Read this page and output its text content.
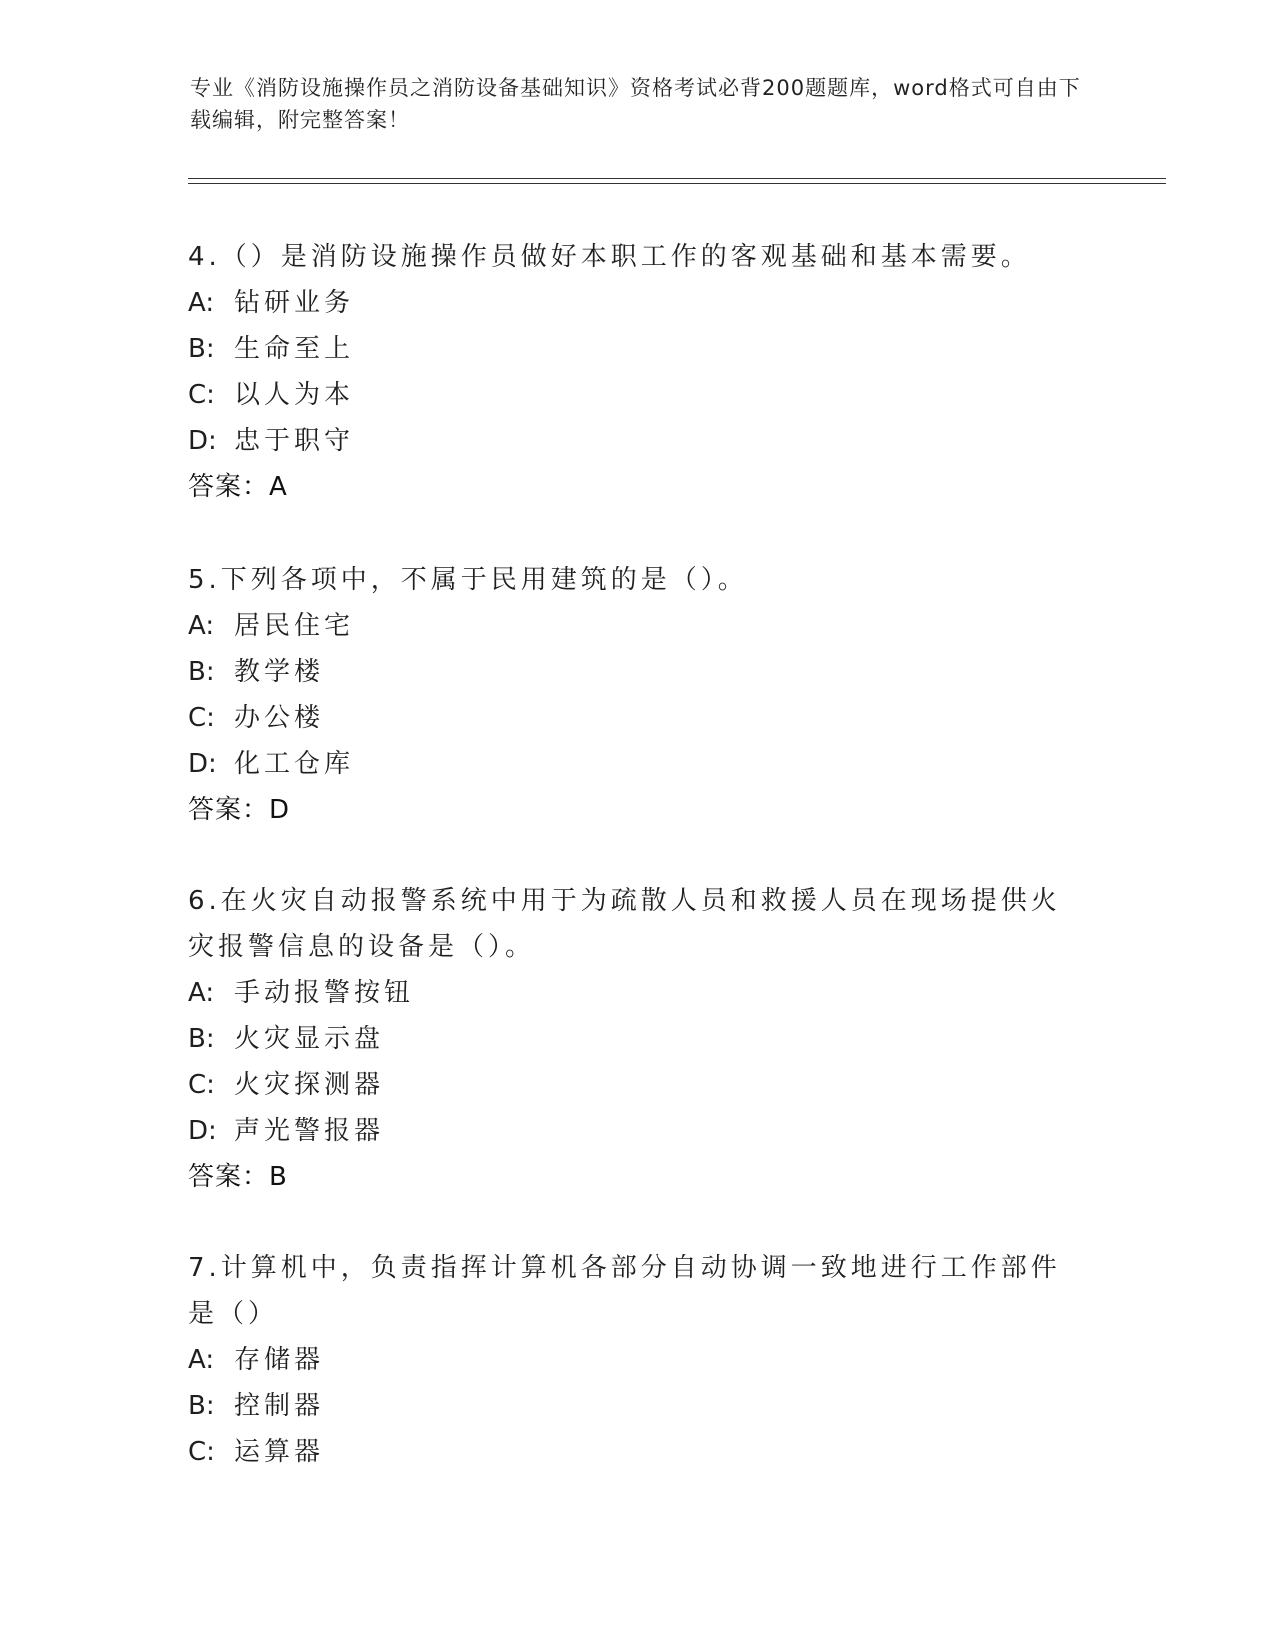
专业《消防设施操作员之消防设备基础知识》资格考试必背200题题库，word格式可自由下载编辑，附完整答案！

4.（）是消防设施操作员做好本职工作的客观基础和基本需要。

A: 钻研业务

B: 生命至上

C: 以人为本

D: 忠于职守

答案：A

5.下列各项中，不属于民用建筑的是（）。

A: 居民住宅

B: 教学楼

C: 办公楼

D: 化工仓库

答案：D

6.在火灾自动报警系统中用于为疏散人员和救援人员在现场提供火灾报警信息的设备是（）。

A: 手动报警按钮

B: 火灾显示盘

C: 火灾探测器

D: 声光警报器

答案：B

7.计算机中，负责指挥计算机各部分自动协调一致地进行工作部件是（）

A: 存储器

B: 控制器

C: 运算器
